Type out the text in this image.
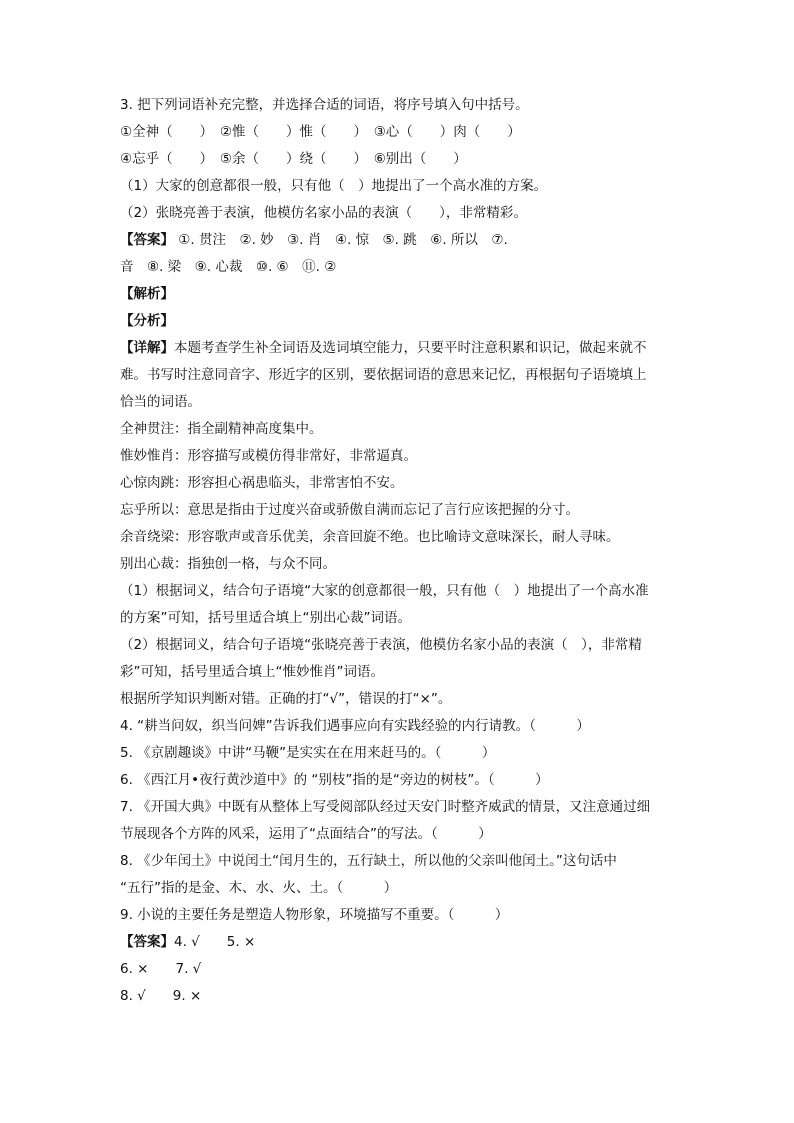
3. 把下列词语补充完整，并选择合适的词语，将序号填入句中括号。
①全神（　　）　②惟（　　）惟（　　）　③心（　　）肉（　　）
④忘乎（　　）　⑤余（　　）绕（　　）　⑥别出（　　）
（1）大家的创意都很一般，只有他（　）地提出了一个高水准的方案。
（2）张晓亮善于表演，他模仿名家小品的表演（　　），非常精彩。
【答案】 ①. 贯注　②. 妙　③. 肖　④. 惊　⑤. 跳　⑥. 所以　⑦.
音　⑧. 梁　⑨. 心裁　⑩. ⑥　⑪. ②
【解析】
【分析】
【详解】本题考查学生补全词语及选词填空能力，只要平时注意积累和识记，做起来就不
难。书写时注意同音字、形近字的区别，要依据词语的意思来记忆，再根据句子语境填上
恰当的词语。
全神贯注：指全副精神高度集中。
惟妙惟肖：形容描写或模仿得非常好，非常逼真。
心惊肉跳：形容担心祸患临头，非常害怕不安。
忘乎所以：意思是指由于过度兴奋或骄傲自满而忘记了言行应该把握的分寸。
余音绕梁：形容歌声或音乐优美，余音回旋不绝。也比喻诗文意味深长，耐人寻味。
别出心裁：指独创一格，与众不同。
（1）根据词义，结合句子语境“大家的创意都很一般，只有他（　）地提出了一个高水准
的方案”可知，括号里适合填上“别出心裁”词语。
（2）根据词义，结合句子语境“张晓亮善于表演，他模仿名家小品的表演（　），非常精
彩”可知，括号里适合填上“惟妙惟肖”词语。
根据所学知识判断对错。正确的打“√”，错误的打“×”。
4. “耕当问奴，织当问婢”告诉我们遇事应向有实践经验的内行请教。（　　　）
5. 《京剧趣谈》中讲“马鞭”是实实在在用来赶马的。（　　　）
6. 《西江月•夜行黄沙道中》的 “别枝”指的是“旁边的树枝”。（　　　）
7. 《开国大典》中既有从整体上写受阅部队经过天安门时整齐威武的情景，又注意通过细
节展现各个方阵的风采，运用了“点面结合”的写法。（　　　）
8. 《少年闰土》中说闰土“闰月生的，五行缺土，所以他的父亲叫他闰土。”这句话中
“五行”指的是金、木、水、火、土。（　　　）
9. 小说的主要任务是塑造人物形象，环境描写不重要。（　　　）
【答案】4. √　　5. ×
6. ×　　7. √
8. √　　9. ×
